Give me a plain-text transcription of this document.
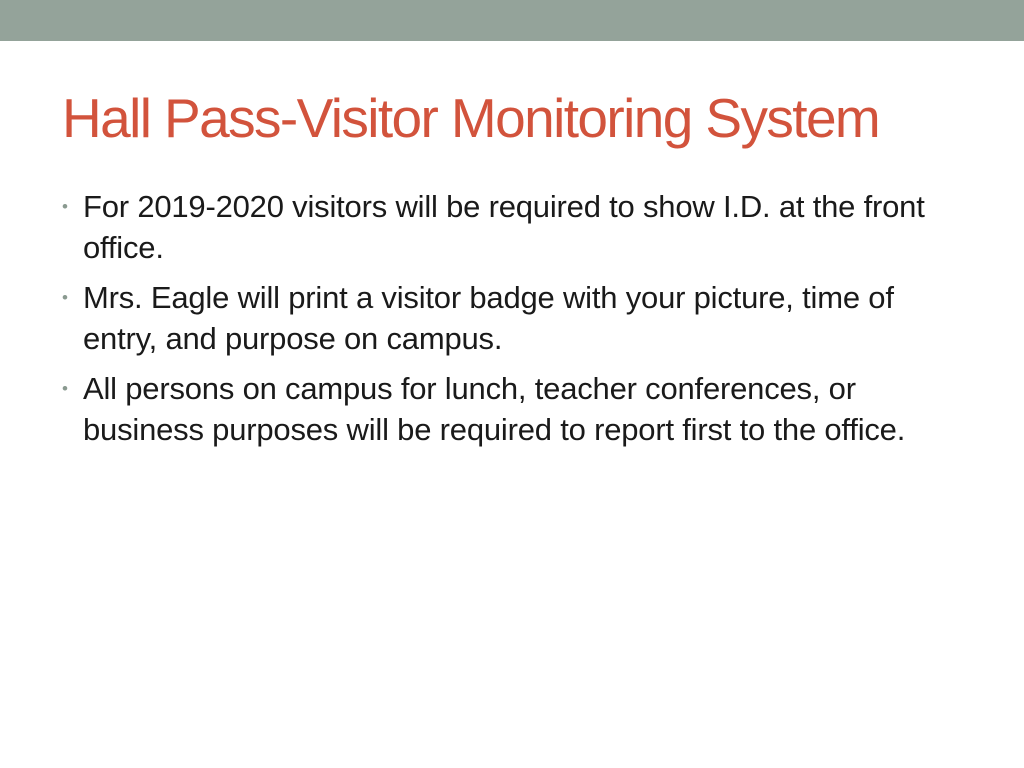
Hall Pass-Visitor Monitoring System
• For 2019-2020 visitors will be required to show I.D. at the front office.
• Mrs. Eagle will print a visitor badge with your picture, time of entry, and purpose on campus.
• All persons on campus for lunch, teacher conferences, or business purposes will be required to report first to the office.
